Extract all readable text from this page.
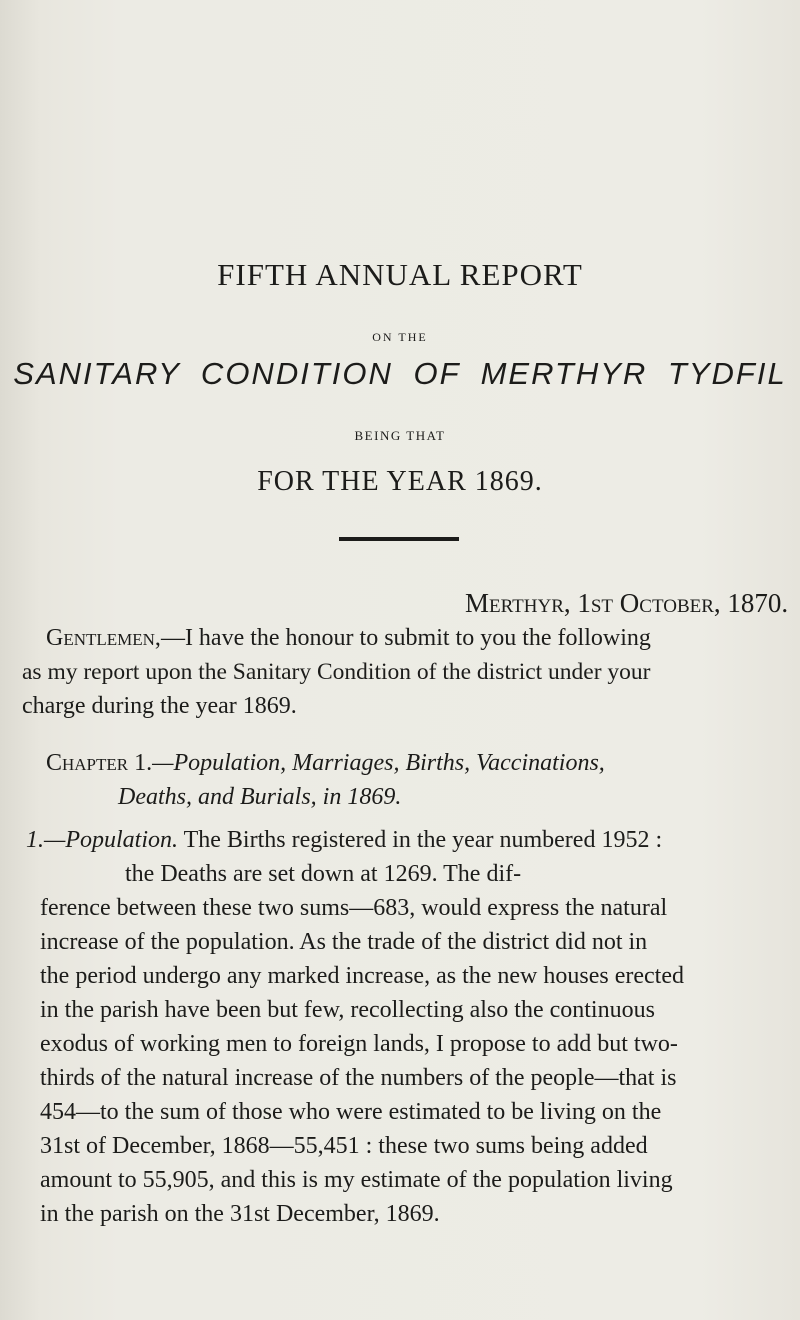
FIFTH ANNUAL REPORT
ON THE
SANITARY CONDITION OF MERTHYR TYDFIL
BEING THAT
FOR THE YEAR 1869.
Merthyr, 1st October, 1870.
Gentlemen,—I have the honour to submit to you the following
as my report upon the Sanitary Condition of the district under your
charge during the year 1869.
Chapter 1.—Population, Marriages, Births, Vaccinations,
Deaths, and Burials, in 1869.
1.—Population. The Births registered in the year numbered 1952 :
the Deaths are set down at 1269. The dif-
ference between these two sums—683, would express the natural
increase of the population. As the trade of the district did not in
the period undergo any marked increase, as the new houses erected
in the parish have been but few, recollecting also the continuous
exodus of working men to foreign lands, I propose to add but two-
thirds of the natural increase of the numbers of the people—that is
454—to the sum of those who were estimated to be living on the
31st of December, 1868—55,451 : these two sums being added
amount to 55,905, and this is my estimate of the population living
in the parish on the 31st December, 1869.
